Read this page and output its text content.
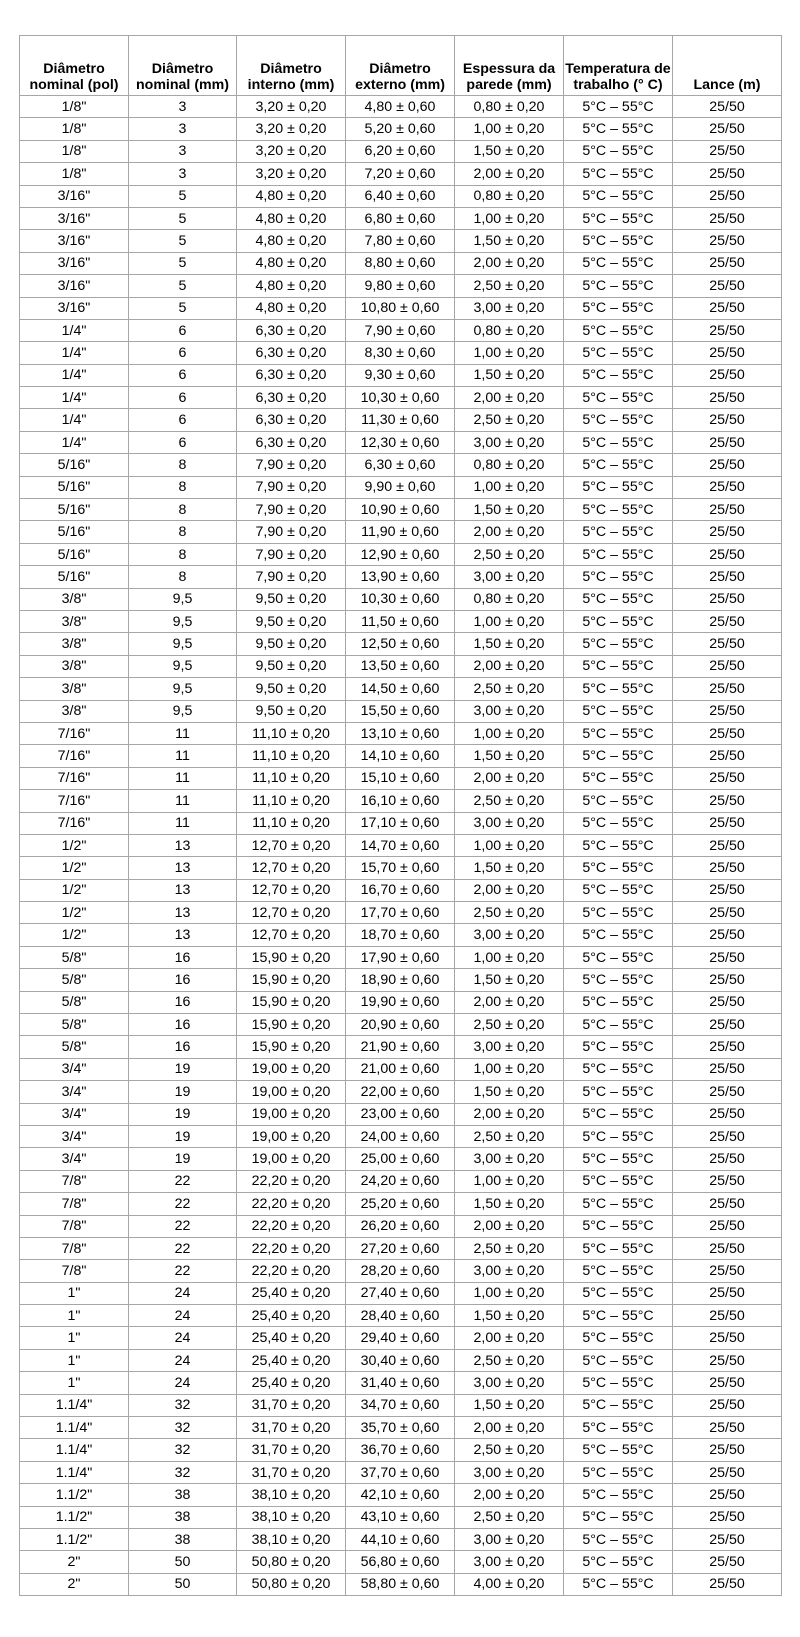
Diâmetro nominal (pol)	Diâmetro nominal (mm)	Diâmetro interno (mm)	Diâmetro externo (mm)	Espessura da parede (mm)	Temperatura de trabalho (° C)	Lance (m)
1/8"	3	3,20 ± 0,20	4,80 ± 0,60	0,80 ± 0,20	5°C – 55°C	25/50
1/8"	3	3,20 ± 0,20	5,20 ± 0,60	1,00 ± 0,20	5°C – 55°C	25/50
1/8"	3	3,20 ± 0,20	6,20 ± 0,60	1,50 ± 0,20	5°C – 55°C	25/50
1/8"	3	3,20 ± 0,20	7,20 ± 0,60	2,00 ± 0,20	5°C – 55°C	25/50
3/16"	5	4,80 ± 0,20	6,40 ± 0,60	0,80 ± 0,20	5°C – 55°C	25/50
3/16"	5	4,80 ± 0,20	6,80 ± 0,60	1,00 ± 0,20	5°C – 55°C	25/50
3/16"	5	4,80 ± 0,20	7,80 ± 0,60	1,50 ± 0,20	5°C – 55°C	25/50
3/16"	5	4,80 ± 0,20	8,80 ± 0,60	2,00 ± 0,20	5°C – 55°C	25/50
3/16"	5	4,80 ± 0,20	9,80 ± 0,60	2,50 ± 0,20	5°C – 55°C	25/50
3/16"	5	4,80 ± 0,20	10,80 ± 0,60	3,00 ± 0,20	5°C – 55°C	25/50
1/4"	6	6,30 ± 0,20	7,90 ± 0,60	0,80 ± 0,20	5°C – 55°C	25/50
1/4"	6	6,30 ± 0,20	8,30 ± 0,60	1,00 ± 0,20	5°C – 55°C	25/50
1/4"	6	6,30 ± 0,20	9,30 ± 0,60	1,50 ± 0,20	5°C – 55°C	25/50
1/4"	6	6,30 ± 0,20	10,30 ± 0,60	2,00 ± 0,20	5°C – 55°C	25/50
1/4"	6	6,30 ± 0,20	11,30 ± 0,60	2,50 ± 0,20	5°C – 55°C	25/50
1/4"	6	6,30 ± 0,20	12,30 ± 0,60	3,00 ± 0,20	5°C – 55°C	25/50
5/16"	8	7,90 ± 0,20	6,30 ± 0,60	0,80 ± 0,20	5°C – 55°C	25/50
5/16"	8	7,90 ± 0,20	9,90 ± 0,60	1,00 ± 0,20	5°C – 55°C	25/50
5/16"	8	7,90 ± 0,20	10,90 ± 0,60	1,50 ± 0,20	5°C – 55°C	25/50
5/16"	8	7,90 ± 0,20	11,90 ± 0,60	2,00 ± 0,20	5°C – 55°C	25/50
5/16"	8	7,90 ± 0,20	12,90 ± 0,60	2,50 ± 0,20	5°C – 55°C	25/50
5/16"	8	7,90 ± 0,20	13,90 ± 0,60	3,00 ± 0,20	5°C – 55°C	25/50
3/8"	9,5	9,50 ± 0,20	10,30 ± 0,60	0,80 ± 0,20	5°C – 55°C	25/50
3/8"	9,5	9,50 ± 0,20	11,50 ± 0,60	1,00 ± 0,20	5°C – 55°C	25/50
3/8"	9,5	9,50 ± 0,20	12,50 ± 0,60	1,50 ± 0,20	5°C – 55°C	25/50
3/8"	9,5	9,50 ± 0,20	13,50 ± 0,60	2,00 ± 0,20	5°C – 55°C	25/50
3/8"	9,5	9,50 ± 0,20	14,50 ± 0,60	2,50 ± 0,20	5°C – 55°C	25/50
3/8"	9,5	9,50 ± 0,20	15,50 ± 0,60	3,00 ± 0,20	5°C – 55°C	25/50
7/16"	11	11,10 ± 0,20	13,10 ± 0,60	1,00 ± 0,20	5°C – 55°C	25/50
7/16"	11	11,10 ± 0,20	14,10 ± 0,60	1,50 ± 0,20	5°C – 55°C	25/50
7/16"	11	11,10 ± 0,20	15,10 ± 0,60	2,00 ± 0,20	5°C – 55°C	25/50
7/16"	11	11,10 ± 0,20	16,10 ± 0,60	2,50 ± 0,20	5°C – 55°C	25/50
7/16"	11	11,10 ± 0,20	17,10 ± 0,60	3,00 ± 0,20	5°C – 55°C	25/50
1/2"	13	12,70 ± 0,20	14,70 ± 0,60	1,00 ± 0,20	5°C – 55°C	25/50
1/2"	13	12,70 ± 0,20	15,70 ± 0,60	1,50 ± 0,20	5°C – 55°C	25/50
1/2"	13	12,70 ± 0,20	16,70 ± 0,60	2,00 ± 0,20	5°C – 55°C	25/50
1/2"	13	12,70 ± 0,20	17,70 ± 0,60	2,50 ± 0,20	5°C – 55°C	25/50
1/2"	13	12,70 ± 0,20	18,70 ± 0,60	3,00 ± 0,20	5°C – 55°C	25/50
5/8"	16	15,90 ± 0,20	17,90 ± 0,60	1,00 ± 0,20	5°C – 55°C	25/50
5/8"	16	15,90 ± 0,20	18,90 ± 0,60	1,50 ± 0,20	5°C – 55°C	25/50
5/8"	16	15,90 ± 0,20	19,90 ± 0,60	2,00 ± 0,20	5°C – 55°C	25/50
5/8"	16	15,90 ± 0,20	20,90 ± 0,60	2,50 ± 0,20	5°C – 55°C	25/50
5/8"	16	15,90 ± 0,20	21,90 ± 0,60	3,00 ± 0,20	5°C – 55°C	25/50
3/4"	19	19,00 ± 0,20	21,00 ± 0,60	1,00 ± 0,20	5°C – 55°C	25/50
3/4"	19	19,00 ± 0,20	22,00 ± 0,60	1,50 ± 0,20	5°C – 55°C	25/50
3/4"	19	19,00 ± 0,20	23,00 ± 0,60	2,00 ± 0,20	5°C – 55°C	25/50
3/4"	19	19,00 ± 0,20	24,00 ± 0,60	2,50 ± 0,20	5°C – 55°C	25/50
3/4"	19	19,00 ± 0,20	25,00 ± 0,60	3,00 ± 0,20	5°C – 55°C	25/50
7/8"	22	22,20 ± 0,20	24,20 ± 0,60	1,00 ± 0,20	5°C – 55°C	25/50
7/8"	22	22,20 ± 0,20	25,20 ± 0,60	1,50 ± 0,20	5°C – 55°C	25/50
7/8"	22	22,20 ± 0,20	26,20 ± 0,60	2,00 ± 0,20	5°C – 55°C	25/50
7/8"	22	22,20 ± 0,20	27,20 ± 0,60	2,50 ± 0,20	5°C – 55°C	25/50
7/8"	22	22,20 ± 0,20	28,20 ± 0,60	3,00 ± 0,20	5°C – 55°C	25/50
1"	24	25,40 ± 0,20	27,40 ± 0,60	1,00 ± 0,20	5°C – 55°C	25/50
1"	24	25,40 ± 0,20	28,40 ± 0,60	1,50 ± 0,20	5°C – 55°C	25/50
1"	24	25,40 ± 0,20	29,40 ± 0,60	2,00 ± 0,20	5°C – 55°C	25/50
1"	24	25,40 ± 0,20	30,40 ± 0,60	2,50 ± 0,20	5°C – 55°C	25/50
1"	24	25,40 ± 0,20	31,40 ± 0,60	3,00 ± 0,20	5°C – 55°C	25/50
1.1/4"	32	31,70 ± 0,20	34,70 ± 0,60	1,50 ± 0,20	5°C – 55°C	25/50
1.1/4"	32	31,70 ± 0,20	35,70 ± 0,60	2,00 ± 0,20	5°C – 55°C	25/50
1.1/4"	32	31,70 ± 0,20	36,70 ± 0,60	2,50 ± 0,20	5°C – 55°C	25/50
1.1/4"	32	31,70 ± 0,20	37,70 ± 0,60	3,00 ± 0,20	5°C – 55°C	25/50
1.1/2"	38	38,10 ± 0,20	42,10 ± 0,60	2,00 ± 0,20	5°C – 55°C	25/50
1.1/2"	38	38,10 ± 0,20	43,10 ± 0,60	2,50 ± 0,20	5°C – 55°C	25/50
1.1/2"	38	38,10 ± 0,20	44,10 ± 0,60	3,00 ± 0,20	5°C – 55°C	25/50
2"	50	50,80 ± 0,20	56,80 ± 0,60	3,00 ± 0,20	5°C – 55°C	25/50
2"	50	50,80 ± 0,20	58,80 ± 0,60	4,00 ± 0,20	5°C – 55°C	25/50
